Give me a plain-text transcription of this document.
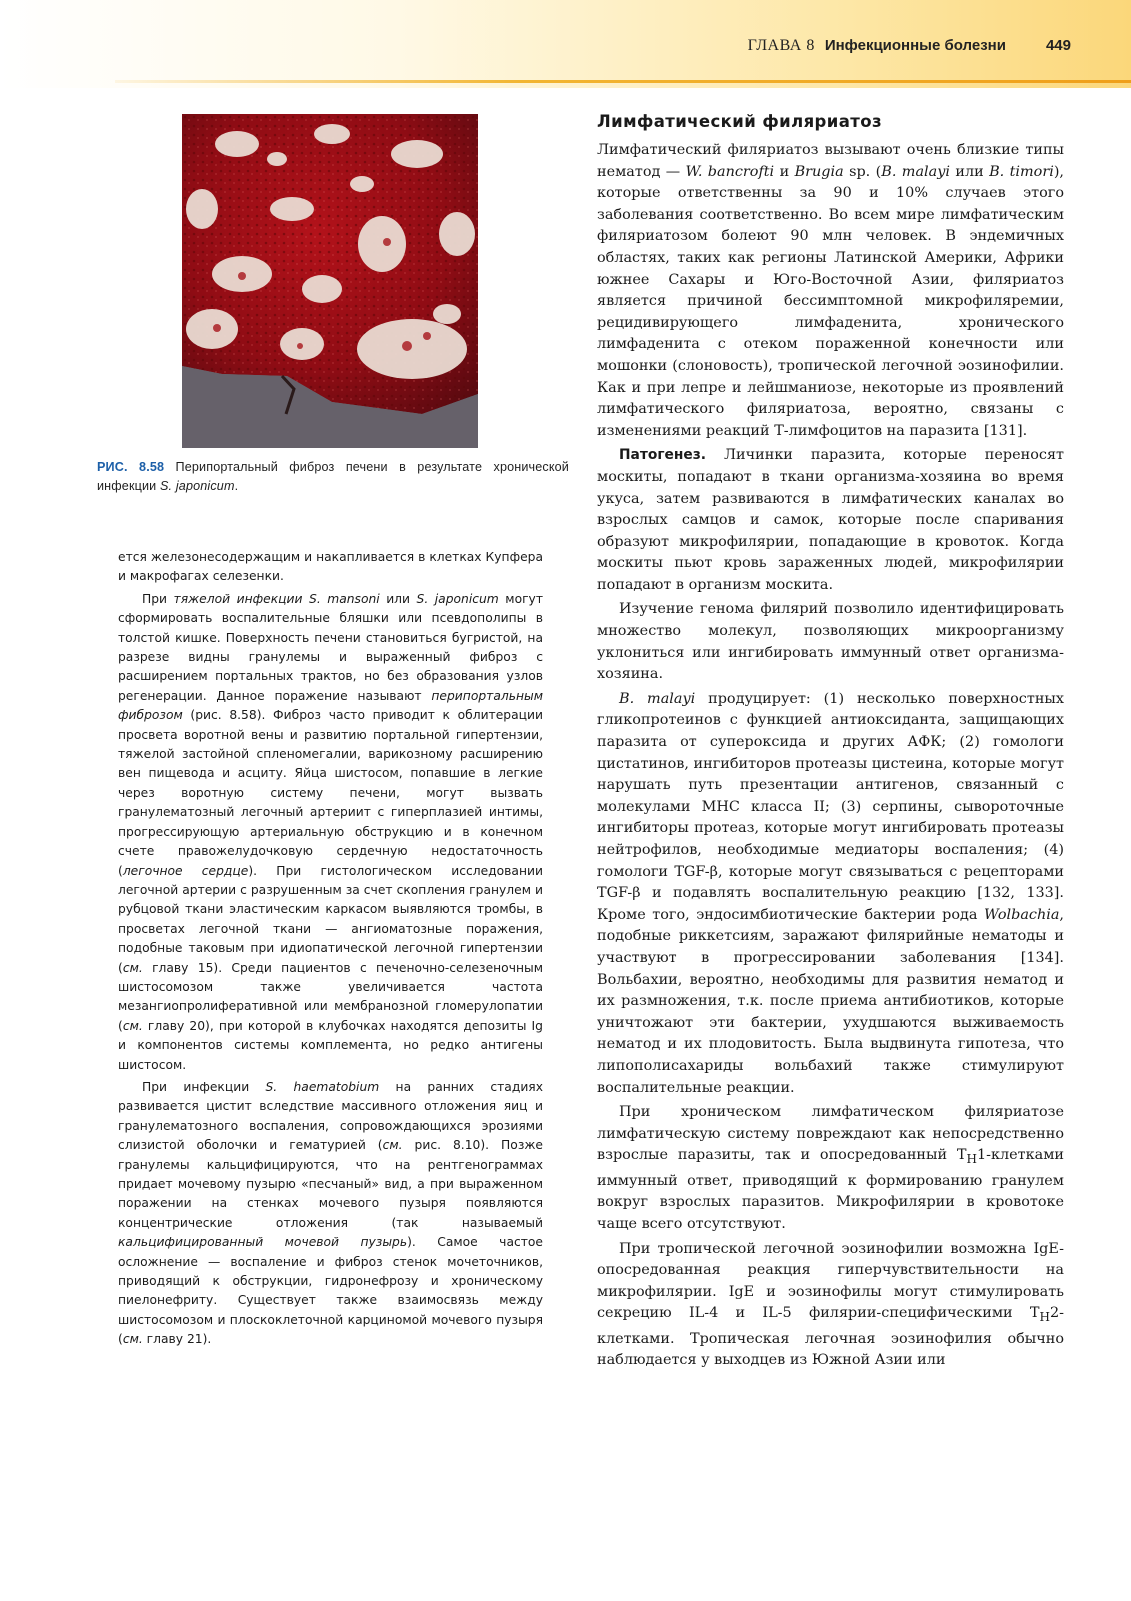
ГЛАВА 8 Инфекционные болезни	449
РИС. 8.58 Перипортальный фиброз печени в результате хронической инфекции S. japonicum.

ется железонесодержащим и накапливается в клетках Купфера и макрофагах селезенки.

При тяжелой инфекции S. mansoni или S. japonicum могут сформировать воспалительные бляшки или псевдополипы в толстой кишке. Поверхность печени становиться бугристой, на разрезе видны гранулемы и выраженный фиброз с расширением портальных трактов, но без образования узлов регенерации. Данное поражение называют перипортальным фиброзом (рис. 8.58). Фиброз часто приводит к облитерации просвета воротной вены и развитию портальной гипертензии, тяжелой застойной спленомегалии, варикозному расширению вен пищевода и асциту. Яйца шистосом, попавшие в легкие через воротную систему печени, могут вызвать гранулематозный легочный артериит с гиперплазией интимы, прогрессирующую артериальную обструкцию и в конечном счете правожелудочковую сердечную недостаточность (легочное сердце). При гистологическом исследовании легочной артерии с разрушенным за счет скопления гранулем и рубцовой ткани эластическим каркасом выявляются тромбы, в просветах легочной ткани — ангиоматозные поражения, подобные таковым при идиопатической легочной гипертензии (см. главу 15). Среди пациентов с печеночно-селезеночным шистосомозом также увеличивается частота мезангиопролиферативной или мембранозной гломерулопатии (см. главу 20), при которой в клубочках находятся депозиты Ig и компонентов системы комплемента, но редко антигены шистосом.

При инфекции S. haematobium на ранних стадиях развивается цистит вследствие массивного отложения яиц и гранулематозного воспаления, сопровождающихся эрозиями слизистой оболочки и гематурией (см. рис. 8.10). Позже гранулемы кальцифицируются, что на рентгенограммах придает мочевому пузырю «песчаный» вид, а при выраженном поражении на стенках мочевого пузыря появляются концентрические отложения (так называемый кальцифицированный мочевой пузырь). Самое частое осложнение — воспаление и фиброз стенок мочеточников, приводящий к обструкции, гидронефрозу и хроническому пиелонефриту. Существует также взаимосвязь между шистосомозом и плоскоклеточной карциномой мочевого пузыря (см. главу 21).

Лимфатический филяриатоз

Лимфатический филяриатоз вызывают очень близкие типы нематод — W. bancrofti и Brugia sp. (B. malayi или B. timori), которые ответственны за 90 и 10% случаев этого заболевания соответственно. Во всем мире лимфатическим филяриатозом болеют 90 млн человек. В эндемичных областях, таких как регионы Латинской Америки, Африки южнее Сахары и Юго-Восточной Азии, филяриатоз является причиной бессимптомной микрофиляремии, рецидивирующего лимфаденита, хронического лимфаденита с отеком пораженной конечности или мошонки (слоновость), тропической легочной эозинофилии. Как и при лепре и лейшманиозе, некоторые из проявлений лимфатического филяриатоза, вероятно, связаны с изменениями реакций Т-лимфоцитов на паразита [131].

Патогенез. Личинки паразита, которые переносят москиты, попадают в ткани организма-хозяина во время укуса, затем развиваются в лимфатических каналах во взрослых самцов и самок, которые после спаривания образуют микрофилярии, попадающие в кровоток. Когда москиты пьют кровь зараженных людей, микрофилярии попадают в организм москита.

Изучение генома филярий позволило идентифицировать множество молекул, позволяющих микроорганизму уклониться или ингибировать иммунный ответ организма-хозяина.

B. malayi продуцирует: (1) несколько поверхностных гликопротеинов с функцией антиоксиданта, защищающих паразита от супероксида и других АФК; (2) гомологи цистатинов, ингибиторов протеазы цистеина, которые могут нарушать путь презентации антигенов, связанный с молекулами MHC класса II; (3) серпины, сывороточные ингибиторы протеаз, которые могут ингибировать протеазы нейтрофилов, необходимые медиаторы воспаления; (4) гомологи TGF-β, которые могут связываться с рецепторами TGF-β и подавлять воспалительную реакцию [132, 133]. Кроме того, эндосимбиотические бактерии рода Wolbachia, подобные риккетсиям, заражают филярийные нематоды и участвуют в прогрессировании заболевания [134]. Вольбахии, вероятно, необходимы для развития нематод и их размножения, т.к. после приема антибиотиков, которые уничтожают эти бактерии, ухудшаются выживаемость нематод и их плодовитость. Была выдвинута гипотеза, что липополисахариды вольбахий также стимулируют воспалительные реакции.

При хроническом лимфатическом филяриатозе лимфатическую систему повреждают как непосредственно взрослые паразиты, так и опосредованный $T_H1$-клетками иммунный ответ, приводящий к формированию гранулем вокруг взрослых паразитов. Микрофилярии в кровотоке чаще всего отсутствуют.

При тропической легочной эозинофилии возможна IgE-опосредованная реакция гиперчувствительности на микрофилярии. IgE и эозинофилы могут стимулировать секрецию IL-4 и IL-5 филярии-специфическими $T_H2$-клетками. Тропическая легочная эозинофилия обычно наблюдается у выходцев из Южной Азии или
